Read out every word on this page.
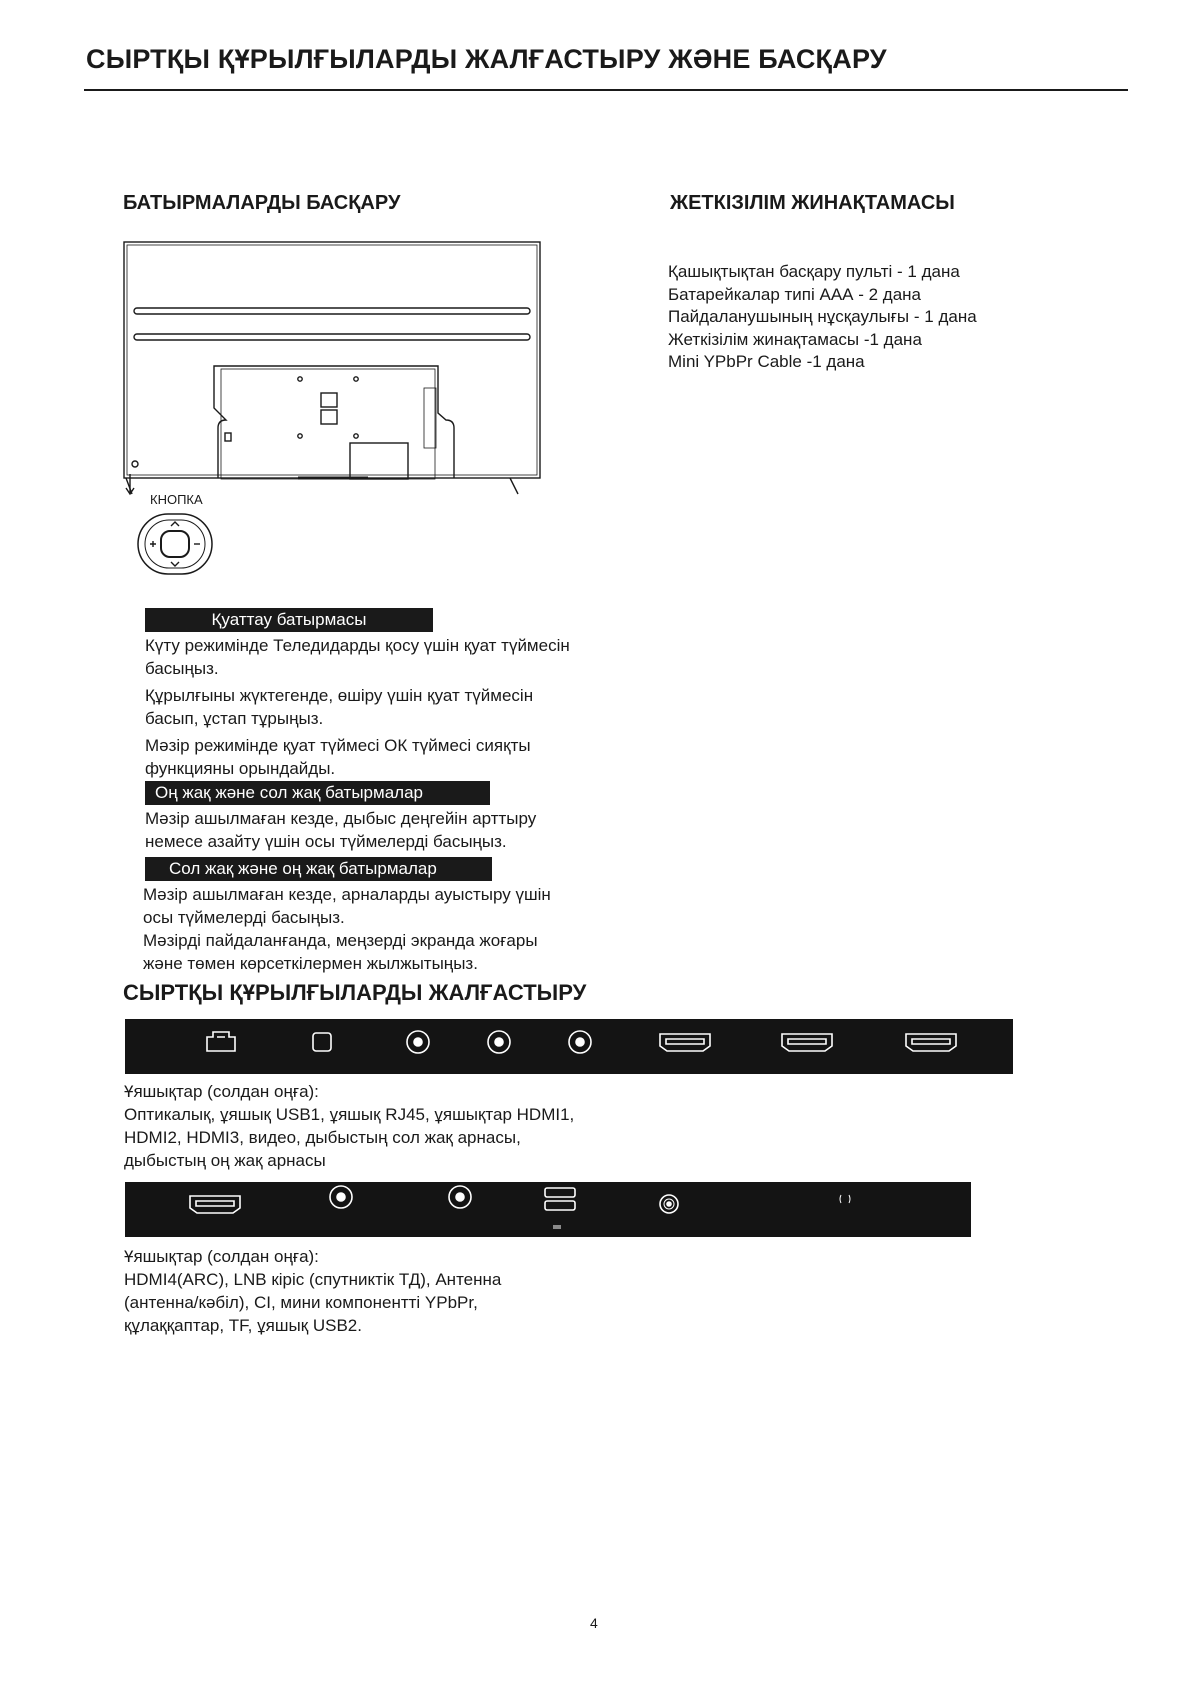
СЫРТҚЫ ҚҰРЫЛҒЫЛАРДЫ ЖАЛҒАСТЫРУ ЖӘНЕ БАСҚАРУ
БАТЫРМАЛАРДЫ БАСҚАРУ
КНОПКА
Қуаттау батырмасы
Күту режимінде Теледидарды қосу үшін қуат түймесін
басыңыз.
Құрылғыны жүктегенде, өшіру үшін қуат түймесін
басып, ұстап тұрыңыз.
Мәзір режимінде қуат түймесі ОК түймесі сияқты
функцияны орындайды.
Оң жақ және сол жақ батырмалар
Мәзір ашылмаған кезде, дыбыс деңгейін арттыру
немесе азайту үшін осы түймелерді басыңыз.
Сол жақ және оң жақ батырмалар
Мәзір ашылмаған кезде, арналарды ауыстыру үшін
осы түймелерді басыңыз.
Мәзірді пайдаланғанда, меңзерді экранда жоғары
және төмен көрсеткілермен жылжытыңыз.
ЖЕТКІЗІЛІМ ЖИНАҚТАМАСЫ
Қашықтықтан басқару пульті - 1 дана
Батарейкалар типі ААА - 2 дана
Пайдаланушының нұсқаулығы - 1 дана
Жеткізілім жинақтамасы -1 дана
Mini YPbPr Cable -1 дана
СЫРТҚЫ ҚҰРЫЛҒЫЛАРДЫ ЖАЛҒАСТЫРУ
Ұяшықтар (солдан оңға):
Оптикалық, ұяшық USB1, ұяшық RJ45, ұяшықтар HDMI1,
HDMI2, HDMI3, видео, дыбыстың сол жақ арнасы,
дыбыстың оң жақ арнасы
Ұяшықтар (солдан оңға):
HDMI4(ARC), LNB кіріс (спутниктік ТД), Антенна
(антенна/кәбіл), CI, мини компонентті YPbPr,
құлаққаптар, TF, ұяшық USB2.
4
